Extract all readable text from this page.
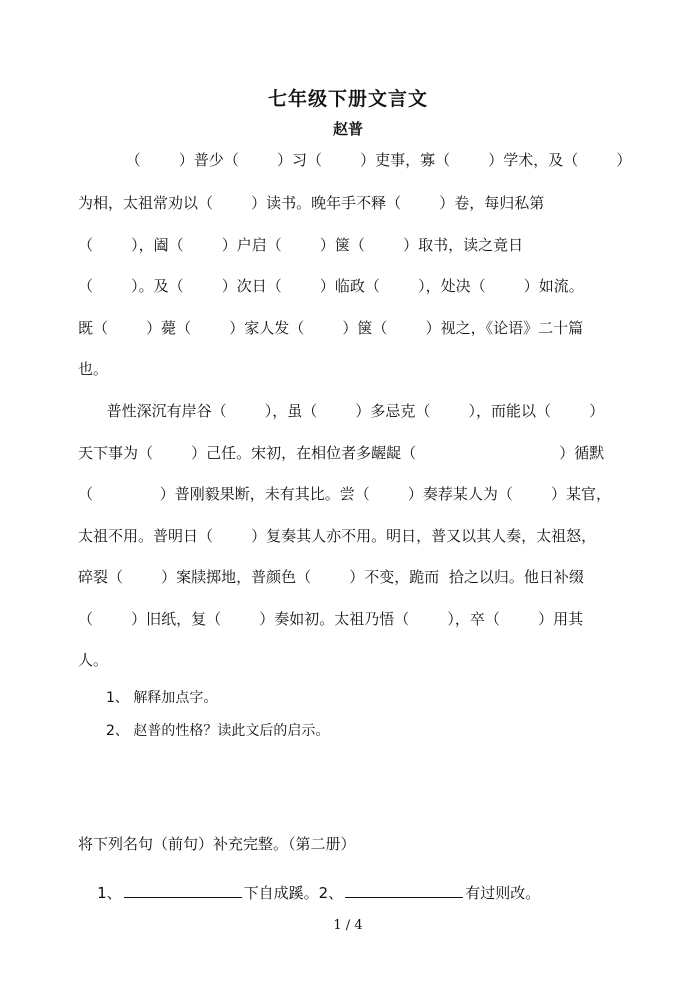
七年级下册文言文
赵普
（        ）普少（        ）习（        ）吏事，寡（        ）学术，及（        ）
为相，太祖常劝以（        ）读书。晚年手不释（        ）卷，每归私第
（        ），阖（        ）户启（        ）箧（        ）取书，读之竟日
（        ）。及（        ）次日（        ）临政（        ），处决（        ）如流。
既（        ）薨（        ）家人发（        ）箧（        ）视之，《论语》二十篇
也。
普性深沉有岸谷（        ），虽（        ）多忌克（        ），而能以（        ）
天下事为（        ）己任。宋初，在相位者多龌龊（                              ）循默
（              ）普刚毅果断，未有其比。尝（        ）奏荐某人为（        ）某官，
太祖不用。普明日（        ）复奏其人亦不用。明日，普又以其人奏，太祖怒，
碎裂（        ）案牍掷地，普颜色（        ）不变，跪而  拾之以归。他日补缀
（        ）旧纸，复（        ）奏如初。太祖乃悟（        ），卒（        ）用其
人。
1、 解释加点字。
2、 赵普的性格？读此文后的启示。
将下列名句（前句）补充完整。（第二册）

1、	下自成蹊。2、	有过则改。

1 / 4
